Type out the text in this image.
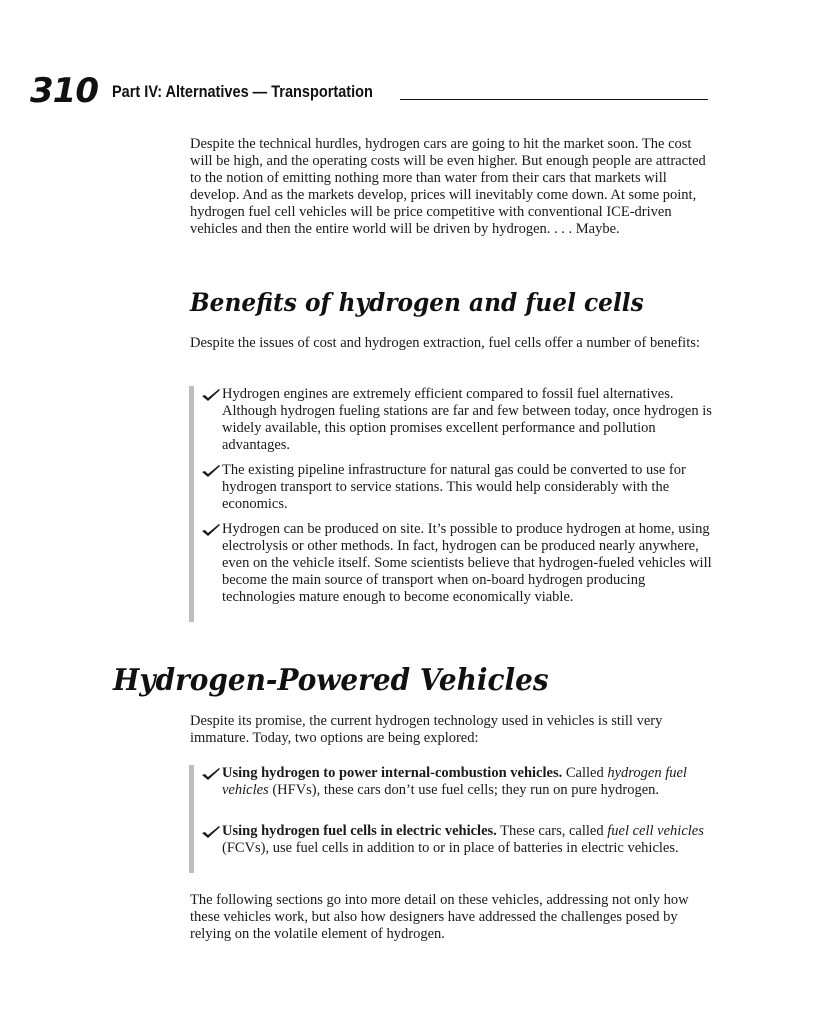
310 Part IV: Alternatives — Transportation

Despite the technical hurdles, hydrogen cars are going to hit the market soon. The cost will be high, and the operating costs will be even higher. But enough people are attracted to the notion of emitting nothing more than water from their cars that markets will develop. And as the markets develop, prices will inevitably come down. At some point, hydrogen fuel cell vehicles will be price competitive with conventional ICE-driven vehicles and then the entire world will be driven by hydrogen. . . . Maybe.

Benefits of hydrogen and fuel cells

Despite the issues of cost and hydrogen extraction, fuel cells offer a number of benefits:

Hydrogen engines are extremely efficient compared to fossil fuel alternatives. Although hydrogen fueling stations are far and few between today, once hydrogen is widely available, this option promises excellent performance and pollution advantages.

The existing pipeline infrastructure for natural gas could be converted to use for hydrogen transport to service stations. This would help considerably with the economics.

Hydrogen can be produced on site. It’s possible to produce hydrogen at home, using electrolysis or other methods. In fact, hydrogen can be produced nearly anywhere, even on the vehicle itself. Some scientists believe that hydrogen-fueled vehicles will become the main source of transport when on-board hydrogen producing technologies mature enough to become economically viable.

Hydrogen-Powered Vehicles

Despite its promise, the current hydrogen technology used in vehicles is still very immature. Today, two options are being explored:

Using hydrogen to power internal-combustion vehicles. Called hydrogen fuel vehicles (HFVs), these cars don’t use fuel cells; they run on pure hydrogen.

Using hydrogen fuel cells in electric vehicles. These cars, called fuel cell vehicles (FCVs), use fuel cells in addition to or in place of batteries in electric vehicles.

The following sections go into more detail on these vehicles, addressing not only how these vehicles work, but also how designers have addressed the challenges posed by relying on the volatile element of hydrogen.
